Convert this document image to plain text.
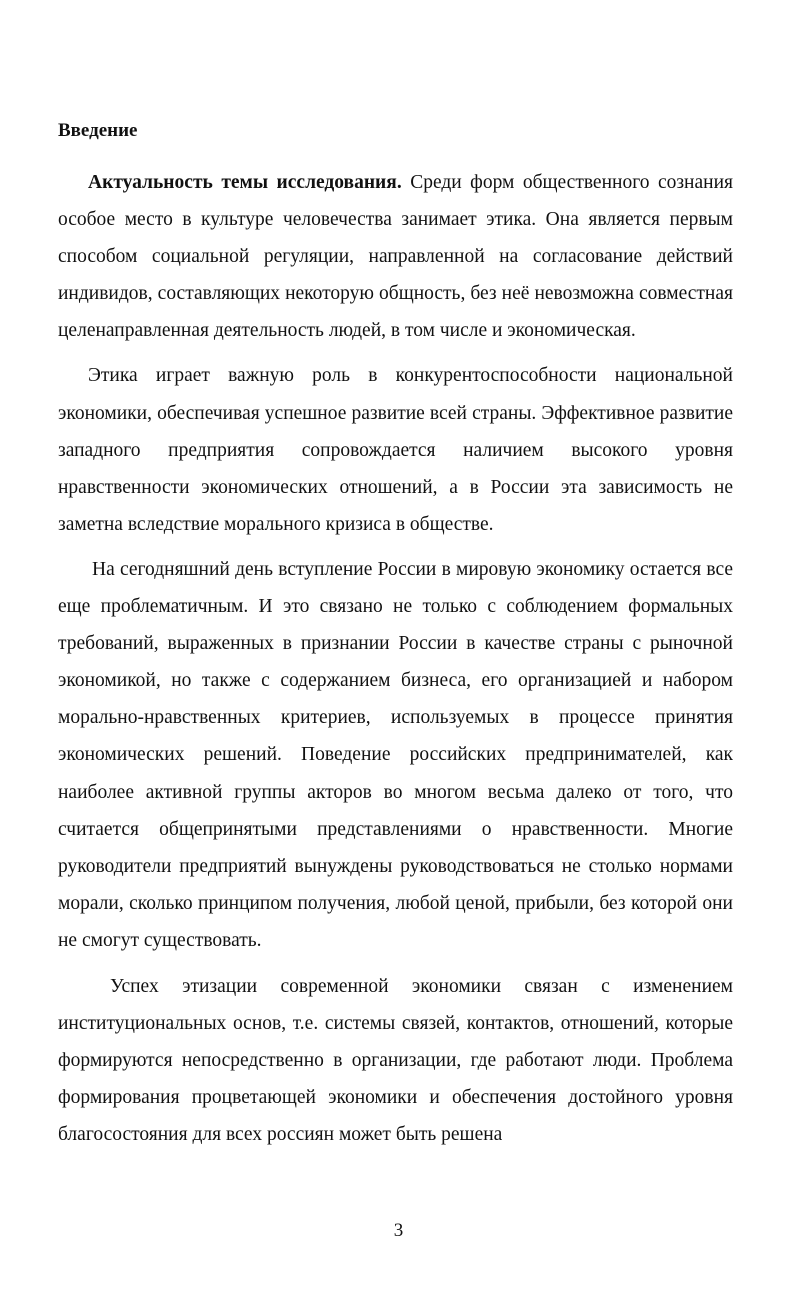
Введение

Актуальность темы исследования. Среди форм общественного сознания особое место в культуре человечества занимает этика. Она является первым способом социальной регуляции, направленной на согласование действий индивидов, составляющих некоторую общность, без неё невозможна совместная целенаправленная деятельность людей, в том числе и экономическая.

Этика играет важную роль в конкурентоспособности национальной экономики, обеспечивая успешное развитие всей страны. Эффективное развитие западного предприятия сопровождается наличием высокого уровня нравственности экономических отношений, а в России эта зависимость не заметна вследствие морального кризиса в обществе.

На сегодняшний день вступление России в мировую экономику остается все еще проблематичным. И это связано не только с соблюдением формальных требований, выраженных в признании России в качестве страны с рыночной экономикой, но также с содержанием бизнеса, его организацией и набором морально-нравственных критериев, используемых в процессе принятия экономических решений. Поведение российских предпринимателей, как наиболее активной группы акторов во многом весьма далеко от того, что считается общепринятыми представлениями о нравственности. Многие руководители предприятий вынуждены руководствоваться не столько нормами морали, сколько принципом получения, любой ценой, прибыли, без которой они не смогут существовать.

Успех этизации современной экономики связан с изменением институциональных основ, т.е. системы связей, контактов, отношений, которые формируются непосредственно в организации, где работают люди. Проблема формирования процветающей экономики и обеспечения достойного уровня благосостояния для всех россиян может быть решена

3
